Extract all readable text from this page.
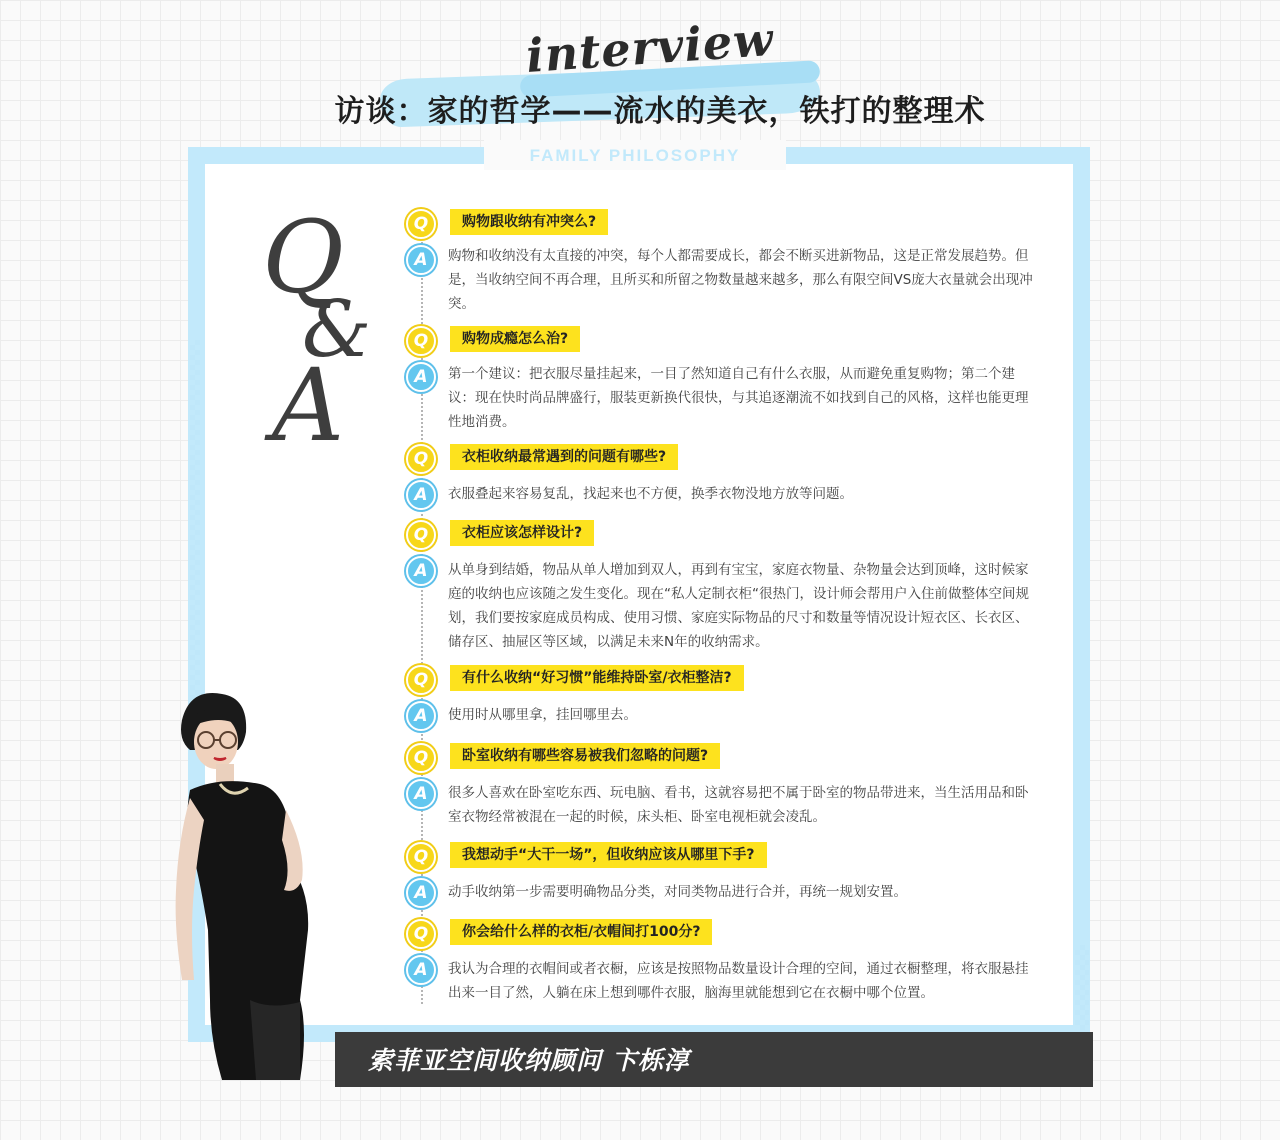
interview
访谈：家的哲学——流水的美衣，铁打的整理术
FAMILY PHILOSOPHY
Q
&
A
Q	购物跟收纳有冲突么?
A	购物和收纳没有太直接的冲突，每个人都需要成长，都会不断买进新物品，这是正常发展趋势。但是，当收纳空间不再合理，且所买和所留之物数量越来越多，那么有限空间VS庞大衣量就会出现冲突。
Q	购物成瘾怎么治?
A	第一个建议：把衣服尽量挂起来，一目了然知道自己有什么衣服，从而避免重复购物；第二个建议：现在快时尚品牌盛行，服装更新换代很快，与其追逐潮流不如找到自己的风格，这样也能更理性地消费。
Q	衣柜收纳最常遇到的问题有哪些?
A	衣服叠起来容易复乱，找起来也不方便，换季衣物没地方放等问题。
Q	衣柜应该怎样设计?
A	从单身到结婚，物品从单人增加到双人，再到有宝宝，家庭衣物量、杂物量会达到顶峰，这时候家庭的收纳也应该随之发生变化。现在“私人定制衣柜“很热门，设计师会帮用户入住前做整体空间规划，我们要按家庭成员构成、使用习惯、家庭实际物品的尺寸和数量等情况设计短衣区、长衣区、储存区、抽屉区等区域，以满足未来N年的收纳需求。
Q	有什么收纳“好习惯”能维持卧室/衣柜整洁?
A	使用时从哪里拿，挂回哪里去。
Q	卧室收纳有哪些容易被我们忽略的问题?
A	很多人喜欢在卧室吃东西、玩电脑、看书，这就容易把不属于卧室的物品带进来，当生活用品和卧室衣物经常被混在一起的时候，床头柜、卧室电视柜就会凌乱。
Q	我想动手“大干一场”，但收纳应该从哪里下手?
A	动手收纳第一步需要明确物品分类，对同类物品进行合并，再统一规划安置。
Q	你会给什么样的衣柜/衣帽间打100分?
A	我认为合理的衣帽间或者衣橱，应该是按照物品数量设计合理的空间，通过衣橱整理，将衣服悬挂出来一目了然，人躺在床上想到哪件衣服，脑海里就能想到它在衣橱中哪个位置。
索菲亚空间收纳顾问 卞栎淳
